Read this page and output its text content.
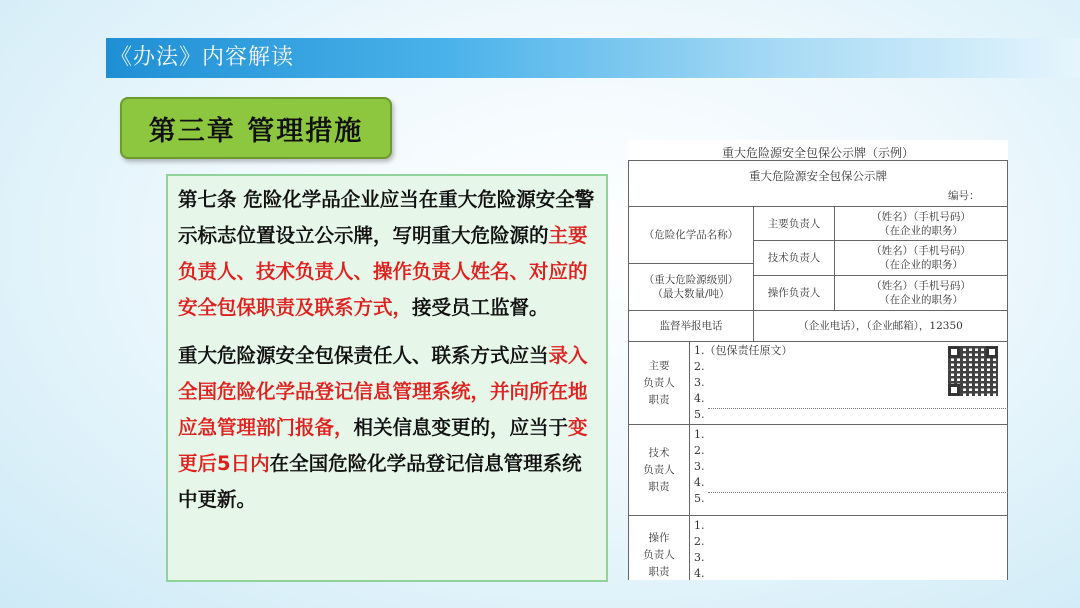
《办法》内容解读
第三章 管理措施

第七条 危险化学品企业应当在重大危险源安全警示标志位置设立公示牌，写明重大危险源的主要负责人、技术负责人、操作负责人姓名、对应的安全包保职责及联系方式，接受员工监督。

重大危险源安全包保责任人、联系方式应当录入全国危险化学品登记信息管理系统，并向所在地应急管理部门报备，相关信息变更的，应当于变更后5日内在全国危险化学品登记信息管理系统中更新。

重大危险源安全包保公示牌（示例）
重大危险源安全包保公示牌
编号：
（危险化学品名称）
（重大危险源级别）
（最大数量/吨）
主要负责人
技术负责人
操作负责人
（姓名）（手机号码）
（在企业的职务）
（姓名）（手机号码）
（在企业的职务）
（姓名）（手机号码）
（在企业的职务）
监督举报电话	（企业电话），（企业邮箱），12350
主要
负责人
职责
1.（包保责任原文）
2.
3.
4.
5.
技术
负责人
职责
1.
2.
3.
4.
5.
操作
负责人
职责
1.
2.
3.
4.
